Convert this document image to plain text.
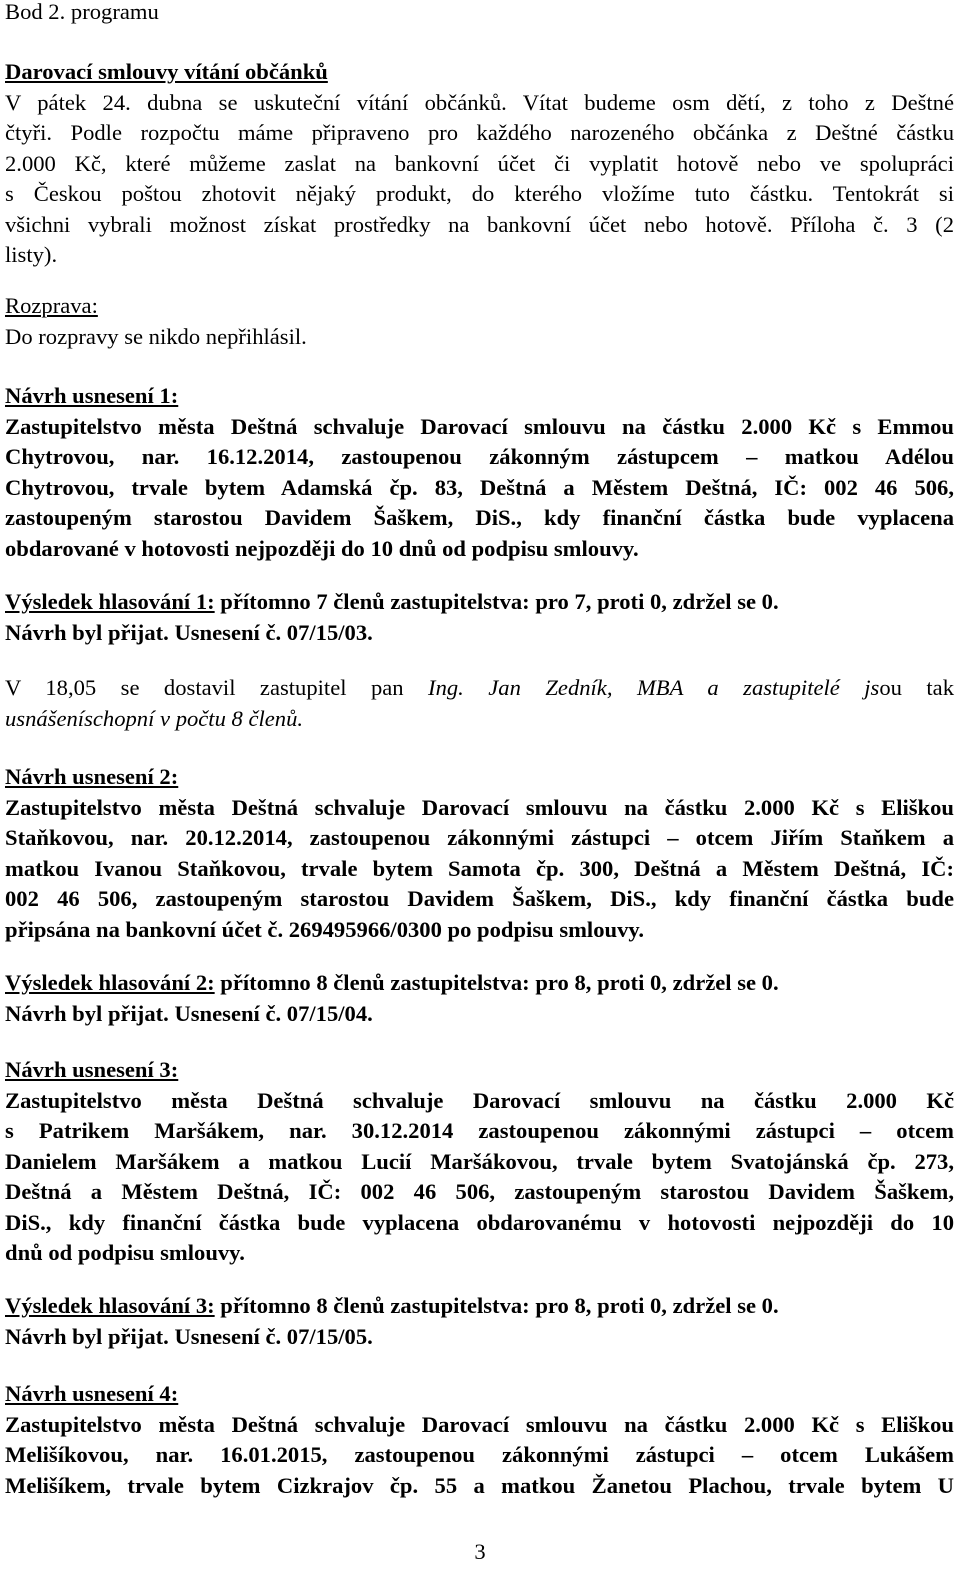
Bod 2. programu
Darovací smlouvy vítání občánků
V pátek 24. dubna se uskuteční vítání občánků. Vítat budeme osm dětí, z toho z Deštné
čtyři. Podle rozpočtu máme připraveno pro každého narozeného občánka z Deštné částku
2.000 Kč, které můžeme zaslat na bankovní účet či vyplatit hotově nebo ve spolupráci
s Českou poštou zhotovit nějaký produkt, do kterého vložíme tuto částku. Tentokrát si
všichni vybrali možnost získat prostředky na bankovní účet nebo hotově. Příloha č. 3 (2
listy).
Rozprava:
Do rozpravy se nikdo nepřihlásil.
Návrh usnesení 1:
Zastupitelstvo města Deštná schvaluje Darovací smlouvu na částku 2.000 Kč s Emmou
Chytrovou, nar. 16.12.2014, zastoupenou zákonným zástupcem – matkou Adélou
Chytrovou, trvale bytem Adamská čp. 83, Deštná a Městem Deštná, IČ: 002 46 506,
zastoupeným starostou Davidem Šaškem, DiS., kdy finanční částka bude vyplacena
obdarované v hotovosti nejpozději do 10 dnů od podpisu smlouvy.
Výsledek hlasování 1: přítomno 7 členů zastupitelstva: pro 7, proti 0, zdržel se 0.
Návrh byl přijat. Usnesení č. 07/15/03.
V 18,05 se dostavil zastupitel pan Ing. Jan Zedník, MBA a zastupitelé jsou tak
usnášeníschopní v počtu 8 členů.
Návrh usnesení 2:
Zastupitelstvo města Deštná schvaluje Darovací smlouvu na částku 2.000 Kč s Eliškou
Staňkovou, nar. 20.12.2014, zastoupenou zákonnými zástupci – otcem Jiřím Staňkem a
matkou Ivanou Staňkovou, trvale bytem Samota čp. 300, Deštná a Městem Deštná, IČ:
002 46 506, zastoupeným starostou Davidem Šaškem, DiS., kdy finanční částka bude
připsána na bankovní účet č. 269495966/0300 po podpisu smlouvy.
Výsledek hlasování 2: přítomno 8 členů zastupitelstva: pro 8, proti 0, zdržel se 0.
Návrh byl přijat. Usnesení č. 07/15/04.
Návrh usnesení 3:
Zastupitelstvo města Deštná schvaluje Darovací smlouvu na částku 2.000 Kč
s Patrikem Maršákem, nar. 30.12.2014 zastoupenou zákonnými zástupci – otcem
Danielem Maršákem a matkou Lucií Maršákovou, trvale bytem Svatojánská čp. 273,
Deštná a Městem Deštná, IČ: 002 46 506, zastoupeným starostou Davidem Šaškem,
DiS., kdy finanční částka bude vyplacena obdarovanému v hotovosti nejpozději do 10
dnů od podpisu smlouvy.
Výsledek hlasování 3: přítomno 8 členů zastupitelstva: pro 8, proti 0, zdržel se 0.
Návrh byl přijat. Usnesení č. 07/15/05.
Návrh usnesení 4:
Zastupitelstvo města Deštná schvaluje Darovací smlouvu na částku 2.000 Kč s Eliškou
Melišíkovou, nar. 16.01.2015, zastoupenou zákonnými zástupci – otcem Lukášem
Melišíkem, trvale bytem Cizkrajov čp. 55 a matkou Žanetou Plachou, trvale bytem U
3
